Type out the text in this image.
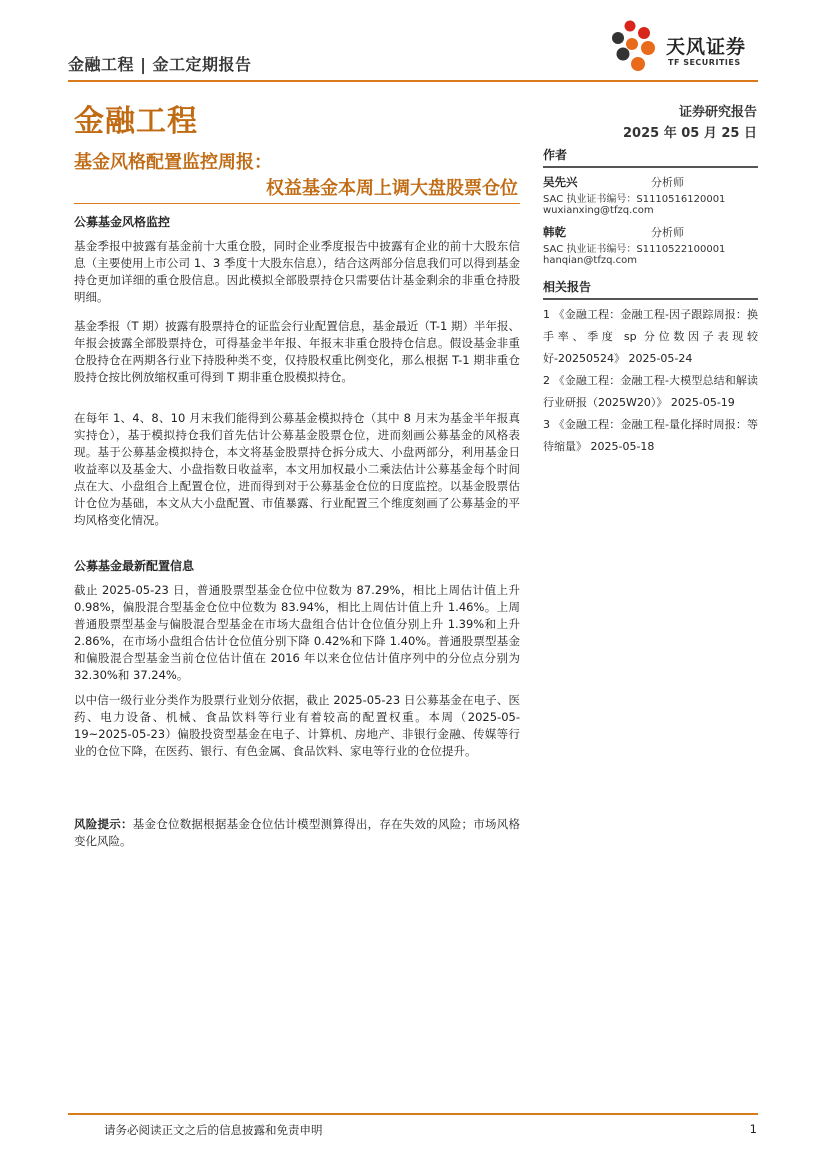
金融工程 | 金工定期报告
天风证券
TF SECURITIES
金融工程	证券研究报告
2025 年 05 月 25 日
基金风格配置监控周报：
权益基金本周上调大盘股票仓位
公募基金风格监控

基金季报中披露有基金前十大重仓股，同时企业季度报告中披露有企业的前十大股东信息（主要使用上市公司 1、3 季度十大股东信息），结合这两部分信息我们可以得到基金持仓更加详细的重仓股信息。因此模拟全部股票持仓只需要估计基金剩余的非重仓持股明细。

基金季报（T 期）披露有股票持仓的证监会行业配置信息，基金最近（T-1 期）半年报、年报会披露全部股票持仓，可得基金半年报、年报末非重仓股持仓信息。假设基金非重仓股持仓在两期各行业下持股种类不变，仅持股权重比例变化，那么根据 T-1 期非重仓股持仓按比例放缩权重可得到 T 期非重仓股模拟持仓。

在每年 1、4、8、10 月末我们能得到公募基金模拟持仓（其中 8 月末为基金半年报真实持仓），基于模拟持仓我们首先估计公募基金股票仓位，进而刻画公募基金的风格表现。基于公募基金模拟持仓，本文将基金股票持仓拆分成大、小盘两部分，利用基金日收益率以及基金大、小盘指数日收益率，本文用加权最小二乘法估计公募基金每个时间点在大、小盘组合上配置仓位，进而得到对于公募基金仓位的日度监控。以基金股票估计仓位为基础，本文从大小盘配置、市值暴露、行业配置三个维度刻画了公募基金的平均风格变化情况。

公募基金最新配置信息

截止 2025-05-23 日，普通股票型基金仓位中位数为 87.29%，相比上周估计值上升 0.98%，偏股混合型基金仓位中位数为 83.94%，相比上周估计值上升 1.46%。上周普通股票型基金与偏股混合型基金在市场大盘组合估计仓位值分别上升 1.39%和上升 2.86%，在市场小盘组合估计仓位值分别下降 0.42%和下降 1.40%。普通股票型基金和偏股混合型基金当前仓位估计值在 2016 年以来仓位估计值序列中的分位点分别为 32.30%和 37.24%。

以中信一级行业分类作为股票行业划分依据，截止 2025-05-23 日公募基金在电子、医药、电力设备、机械、食品饮料等行业有着较高的配置权重。本周（2025-05-19~2025-05-23）偏股投资型基金在电子、计算机、房地产、非银行金融、传媒等行业的仓位下降，在医药、银行、有色金属、食品饮料、家电等行业的仓位提升。

风险提示：基金仓位数据根据基金仓位估计模型测算得出，存在失效的风险；市场风格变化风险。

作者
吴先兴	分析师
SAC 执业证书编号：S1110516120001
wuxianxing@tfzq.com
韩乾	分析师
SAC 执业证书编号：S1110522100001
hanqian@tfzq.com
相关报告

1 《金融工程：金融工程-因子跟踪周报：换手率、季度 sp 分位数因子表现较好-20250524》 2025-05-24

2 《金融工程：金融工程-大模型总结和解读行业研报（2025W20）》 2025-05-19

3 《金融工程：金融工程-量化择时周报：等待缩量》 2025-05-18

请务必阅读正文之后的信息披露和免责申明	1
